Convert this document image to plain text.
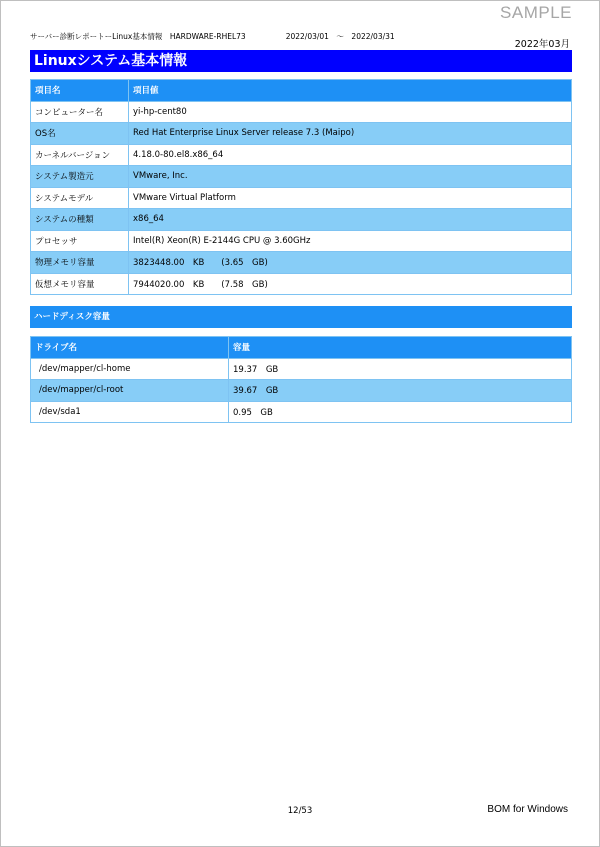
SAMPLE
サーバー診断レポートーLinux基本情報　HARDWARE-RHEL73	2022/03/01　～　2022/03/31
2022年03月
Linuxシステム基本情報
項目名	項目値
コンピューター名	yi-hp-cent80
OS名	Red Hat Enterprise Linux Server release 7.3 (Maipo)
カーネルバージョン	4.18.0-80.el8.x86_64
システム製造元	VMware, Inc.
システムモデル	VMware Virtual Platform
システムの種類	x86_64
プロセッサ	Intel(R) Xeon(R) E-2144G CPU @ 3.60GHz
物理メモリ容量	3823448.00　KB　　(3.65　GB)
仮想メモリ容量	7944020.00　KB　　(7.58　GB)
ハードディスク容量
ドライブ名	容量
/dev/mapper/cl-home	19.37　GB
/dev/mapper/cl-root	39.67　GB
/dev/sda1	0.95　GB
12/53	BOM for Windows
